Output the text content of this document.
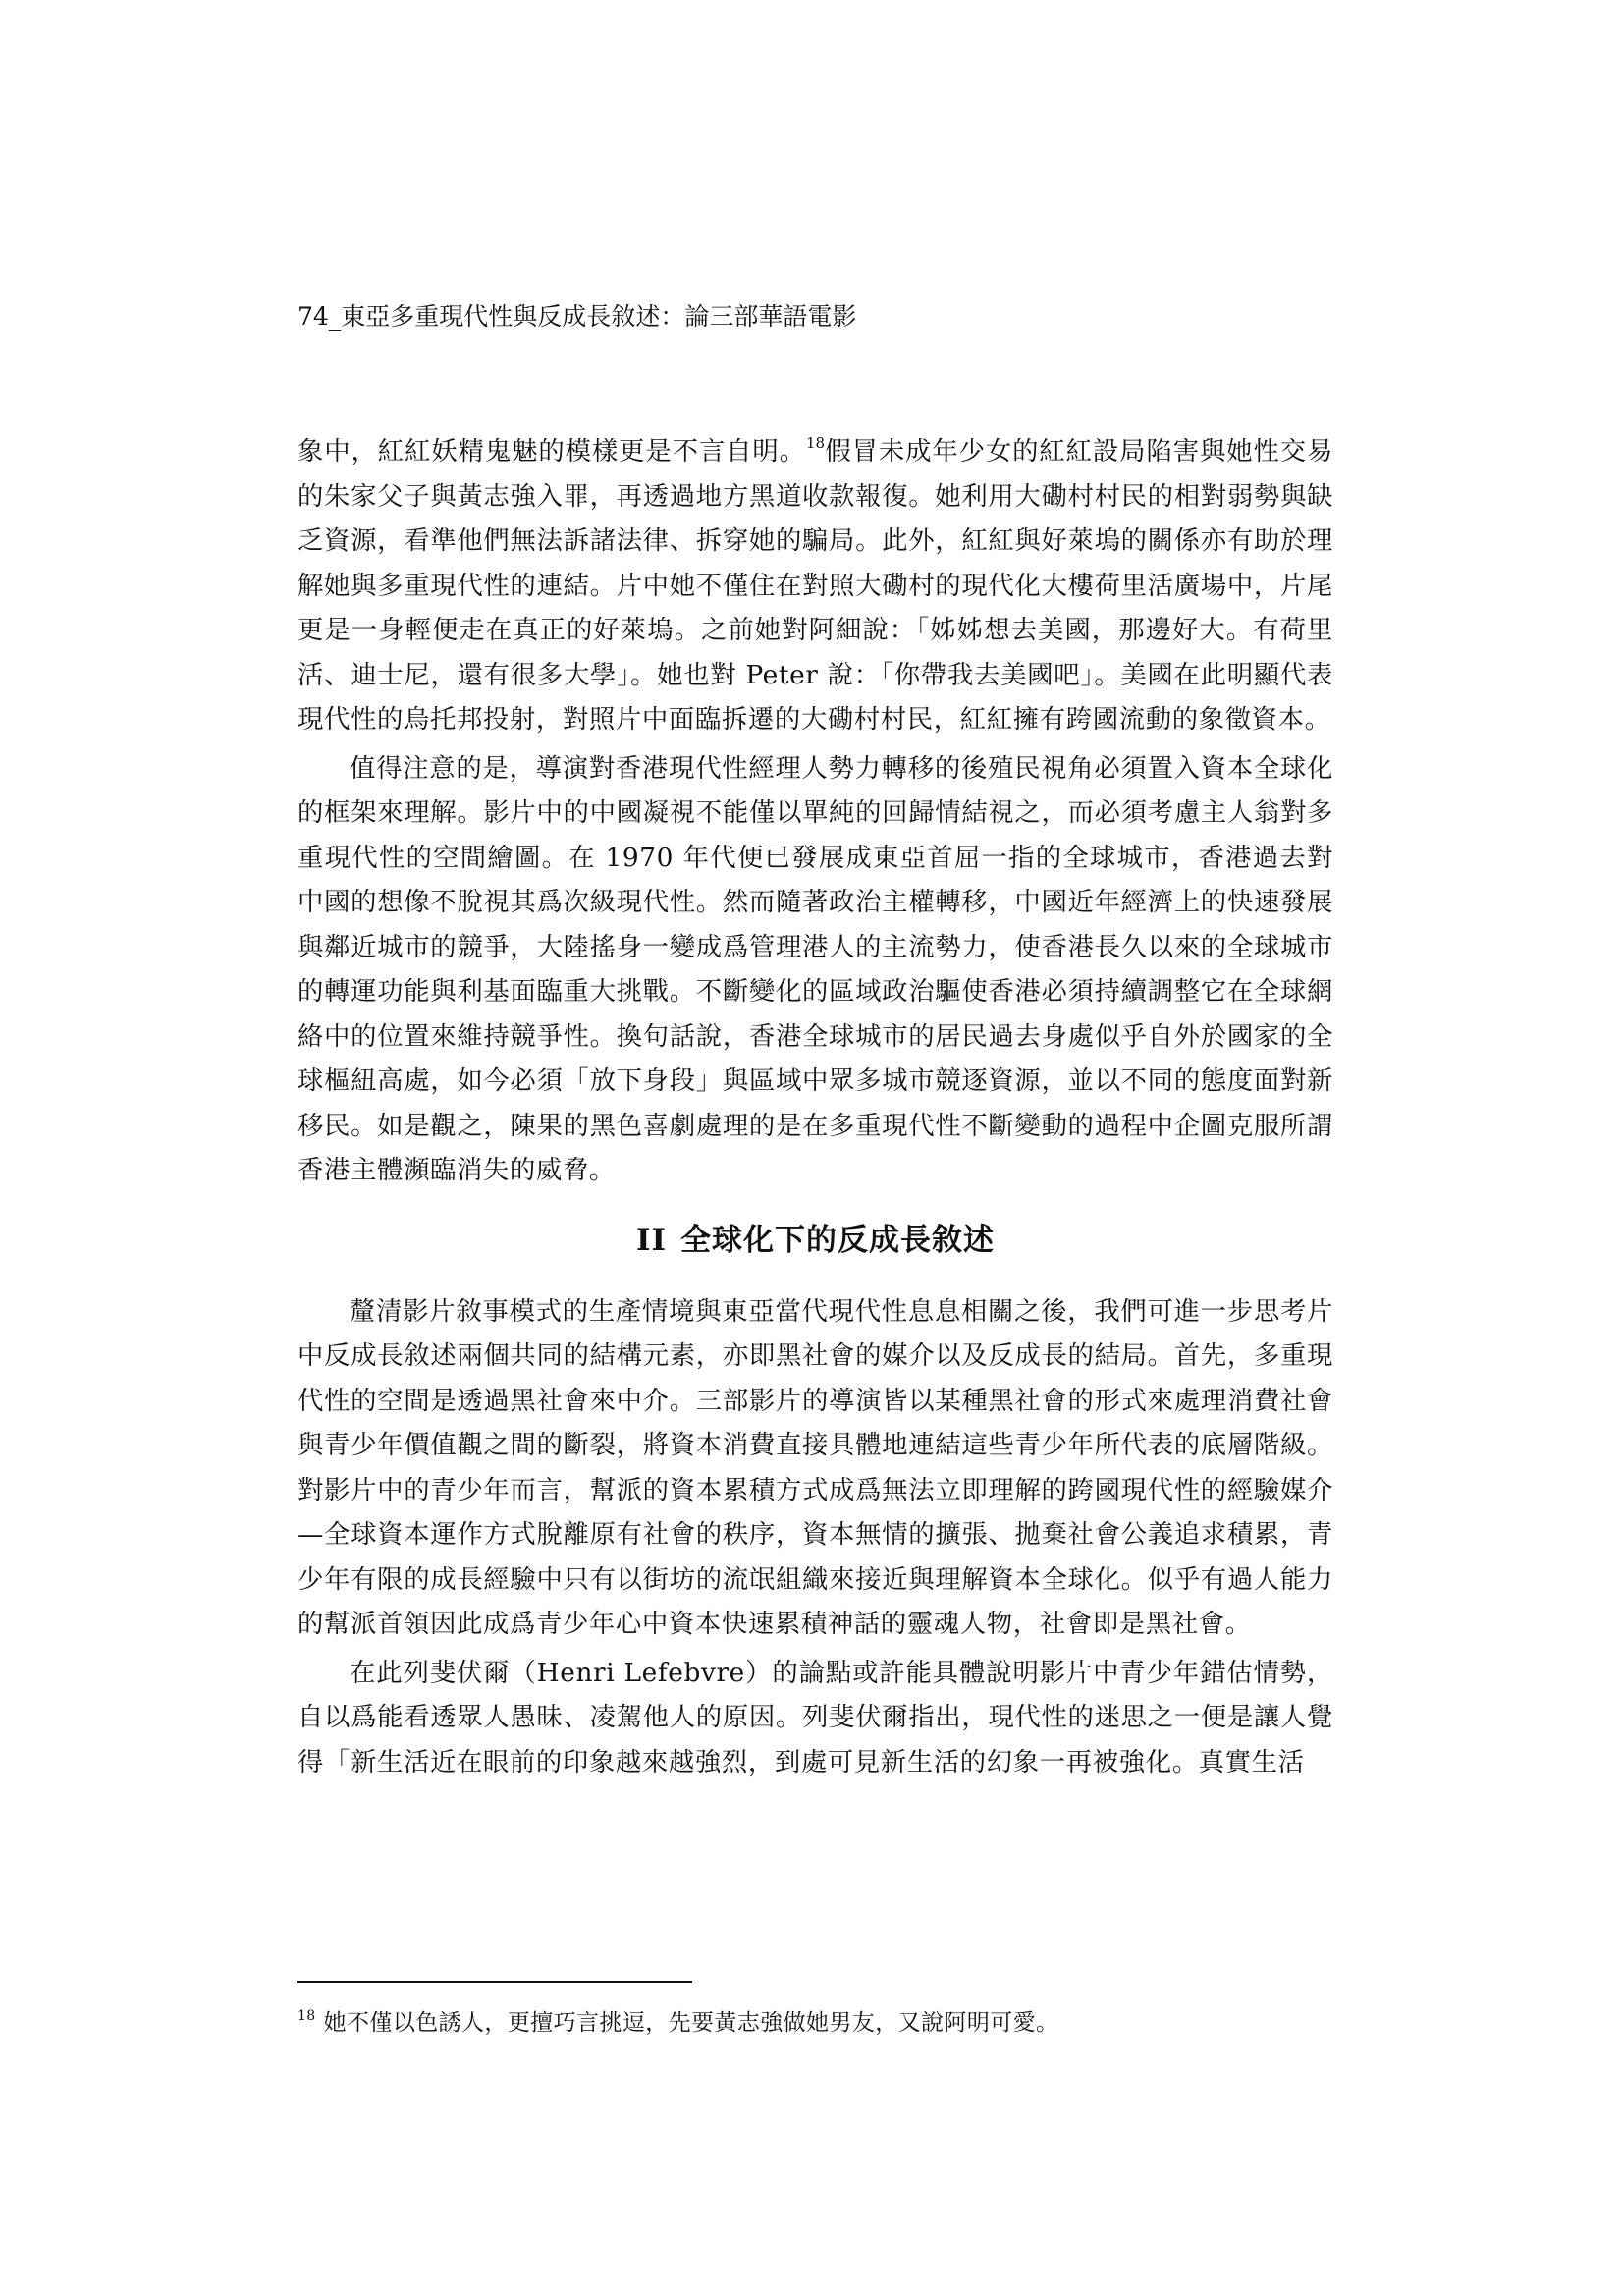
74_東亞多重現代性與反成長敘述：論三部華語電影

象中，紅紅妖精鬼魅的模樣更是不言自明。$^{18}$假冒未成年少女的紅紅設局陷害與她性交易的朱家父子與黃志強入罪，再透過地方黑道收款報復。她利用大磡村村民的相對弱勢與缺乏資源，看準他們無法訴諸法律、拆穿她的騙局。此外，紅紅與好萊塢的關係亦有助於理解她與多重現代性的連結。片中她不僅住在對照大磡村的現代化大樓荷里活廣場中，片尾更是一身輕便走在真正的好萊塢。之前她對阿細說：「姊姊想去美國，那邊好大。有荷里活、迪士尼，還有很多大學」。她也對 Peter 說：「你帶我去美國吧」。美國在此明顯代表現代性的烏托邦投射，對照片中面臨拆遷的大磡村村民，紅紅擁有跨國流動的象徵資本。

值得注意的是，導演對香港現代性經理人勢力轉移的後殖民視角必須置入資本全球化的框架來理解。影片中的中國凝視不能僅以單純的回歸情結視之，而必須考慮主人翁對多重現代性的空間繪圖。在 1970 年代便已發展成東亞首屈一指的全球城市，香港過去對中國的想像不脫視其爲次級現代性。然而隨著政治主權轉移，中國近年經濟上的快速發展與鄰近城市的競爭，大陸搖身一變成爲管理港人的主流勢力，使香港長久以來的全球城市的轉運功能與利基面臨重大挑戰。不斷變化的區域政治驅使香港必須持續調整它在全球網絡中的位置來維持競爭性。換句話說，香港全球城市的居民過去身處似乎自外於國家的全球樞紐高處，如今必須「放下身段」與區域中眾多城市競逐資源，並以不同的態度面對新移民。如是觀之，陳果的黑色喜劇處理的是在多重現代性不斷變動的過程中企圖克服所謂香港主體瀕臨消失的威脅。

II 全球化下的反成長敘述

釐清影片敘事模式的生產情境與東亞當代現代性息息相關之後，我們可進一步思考片中反成長敘述兩個共同的結構元素，亦即黑社會的媒介以及反成長的結局。首先，多重現代性的空間是透過黑社會來中介。三部影片的導演皆以某種黑社會的形式來處理消費社會與青少年價值觀之間的斷裂，將資本消費直接具體地連結這些青少年所代表的底層階級。對影片中的青少年而言，幫派的資本累積方式成爲無法立即理解的跨國現代性的經驗媒介—全球資本運作方式脫離原有社會的秩序，資本無情的擴張、拋棄社會公義追求積累，青少年有限的成長經驗中只有以街坊的流氓組織來接近與理解資本全球化。似乎有過人能力的幫派首領因此成爲青少年心中資本快速累積神話的靈魂人物，社會即是黑社會。

在此列斐伏爾（Henri Lefebvre）的論點或許能具體說明影片中青少年錯估情勢，自以爲能看透眾人愚昧、凌駕他人的原因。列斐伏爾指出，現代性的迷思之一便是讓人覺得「新生活近在眼前的印象越來越強烈，到處可見新生活的幻象一再被強化。真實生活

$^{18}$ 她不僅以色誘人，更擅巧言挑逗，先要黃志強做她男友，又說阿明可愛。
